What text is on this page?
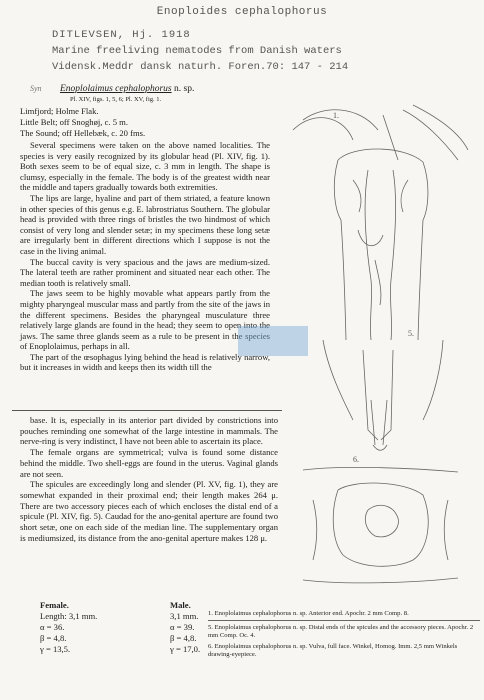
Enoploides cephalophorus
DITLEVSEN, Hj. 1918
Marine freeliving nematodes from Danish waters
Vidensk.Meddr dansk naturh. Foren.70: 147 - 214
Syn Enoplolaimus cephalophorus n. sp.
Pl. XIV, figs. 1, 5, 6; Pl. XV, fig. 1.
Limfjord; Holme Flak.
Little Belt; off Snoghøj, c. 5 m.
The Sound; off Hellebæk, c. 20 fms.

Several specimens were taken on the above named localities. The species is very easily recognized by its globular head (Pl. XIV, fig. 1). Both sexes seem to be of equal size, c. 3 mm in length. The shape is clumsy, especially in the female. The body is of the greatest width near the middle and tapers gradually towards both extremities.

The lips are large, hyaline and part of them striated, a feature known in other species of this genus e.g. E. labrostriatus Southern. The globular head is provided with three rings of bristles the two hindmost of which consist of very long and slender setæ; in my specimens these long setæ are irregularly bent in different directions which I suppose is not the case in the living animal.

The buccal cavity is very spacious and the jaws are medium-sized. The lateral teeth are rather prominent and situated near each other. The median tooth is relatively small.

The jaws seem to be highly movable what appears partly from the mighty pharyngeal muscular mass and partly from the site of the jaws in the different specimens. Besides the pharyngeal musculature three relatively large glands are found in the head; they seem to open into the jaws. The same three glands seem as a rule to be present in the species of Enoplolaimus, perhaps in all.

The part of the œsophagus lying behind the head is relatively narrow, but it increases in width and keeps then its width till the

base. It is, especially in its anterior part divided by constrictions into pouches reminding one somewhat of the large intestine in mammals. The nerve-ring is very indistinct, I have not been able to ascertain its place.

The female organs are symmetrical; vulva is found some distance behind the middle. Two shell-eggs are found in the uterus. Vaginal glands are not seen.

The spicules are exceedingly long and slender (Pl. XV, fig. 1), they are somewhat expanded in their proximal end; their length makes 264 μ. There are two accessory pieces each of which encloses the distal end of a spicule (Pl. XIV, fig. 5). Caudad for the ano-genital aperture are found two short setæ, one on each side of the median line. The supplementary organ is mediumsized, its distance from the ano-genital aperture makes 128 μ.

Female.
Length: 3,1 mm.
α = 36.
β = 4,8.
γ = 13,5.
Male.
3,1 mm.
α = 39.
β = 4,8.
γ = 17,0.
1.
5.
6.
1. Enoplolaimus cephalophorus n. sp. Anterior end. Apochr. 2 mm Comp. 8.
5. Enoplolaimus cephalophorus n. sp. Distal ends of the spicules and the accessory pieces. Apochr. 2 mm Comp. Oc. 4.
6. Enoplolaimus cephalophorus n. sp. Vulva, full face. Winkel, Homog. Imm. 2,5 mm Winkels drawing-eyepiece.
